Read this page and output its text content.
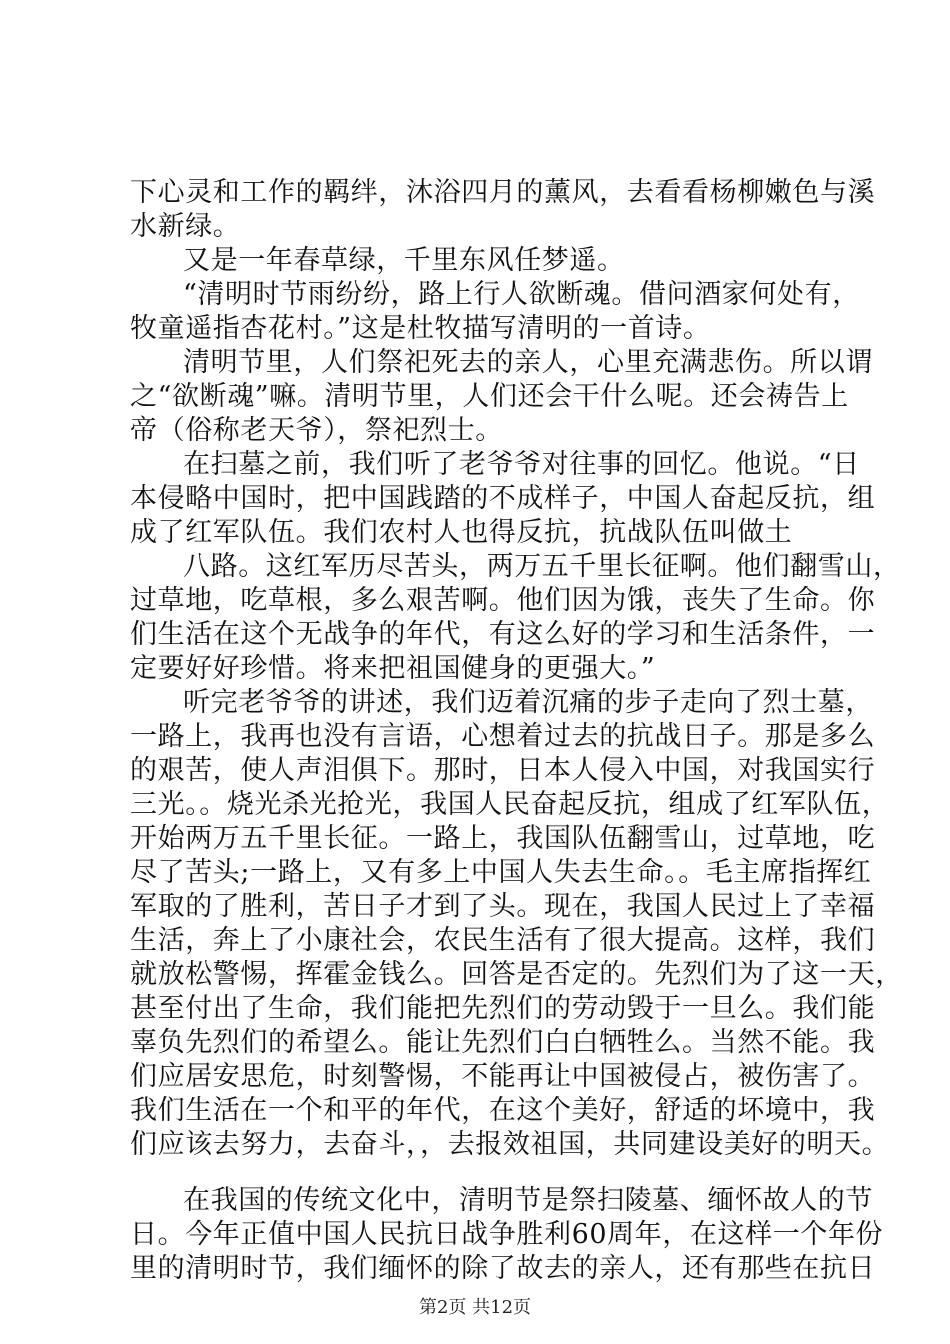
下心灵和工作的羁绊，沐浴四月的薰风，去看看杨柳嫩色与溪
水新绿。
又是一年春草绿，千里东风任梦遥。
“清明时节雨纷纷，路上行人欲断魂。借问酒家何处有，
牧童遥指杏花村。”这是杜牧描写清明的一首诗。
清明节里，人们祭祀死去的亲人，心里充满悲伤。所以谓
之“欲断魂”嘛。清明节里，人们还会干什么呢。还会祷告上
帝（俗称老天爷），祭祀烈士。
在扫墓之前，我们听了老爷爷对往事的回忆。他说。“日
本侵略中国时，把中国践踏的不成样子，中国人奋起反抗，组
成了红军队伍。我们农村人也得反抗，抗战队伍叫做土
八路。这红军历尽苦头，两万五千里长征啊。他们翻雪山，
过草地，吃草根，多么艰苦啊。他们因为饿，丧失了生命。你
们生活在这个无战争的年代，有这么好的学习和生活条件，一
定要好好珍惜。将来把祖国健身的更强大。”
听完老爷爷的讲述，我们迈着沉痛的步子走向了烈士墓，
一路上，我再也没有言语，心想着过去的抗战日子。那是多么
的艰苦，使人声泪俱下。那时，日本人侵入中国，对我国实行
三光。。烧光杀光抢光，我国人民奋起反抗，组成了红军队伍，
开始两万五千里长征。一路上，我国队伍翻雪山，过草地，吃
尽了苦头;一路上，又有多上中国人失去生命。。毛主席指挥红
军取的了胜利，苦日子才到了头。现在，我国人民过上了幸福
生活，奔上了小康社会，农民生活有了很大提高。这样，我们
就放松警惕，挥霍金钱么。回答是否定的。先烈们为了这一天，
甚至付出了生命，我们能把先烈们的劳动毁于一旦么。我们能
辜负先烈们的希望么。能让先烈们白白牺牲么。当然不能。我
们应居安思危，时刻警惕，不能再让中国被侵占，被伤害了。
我们生活在一个和平的年代，在这个美好，舒适的坏境中，我
们应该去努力，去奋斗，，去报效祖国，共同建设美好的明天。
在我国的传统文化中，清明节是祭扫陵墓、缅怀故人的节
日。今年正值中国人民抗日战争胜利60周年，在这样一个年份
里的清明时节，我们缅怀的除了故去的亲人，还有那些在抗日
第2页 共12页
